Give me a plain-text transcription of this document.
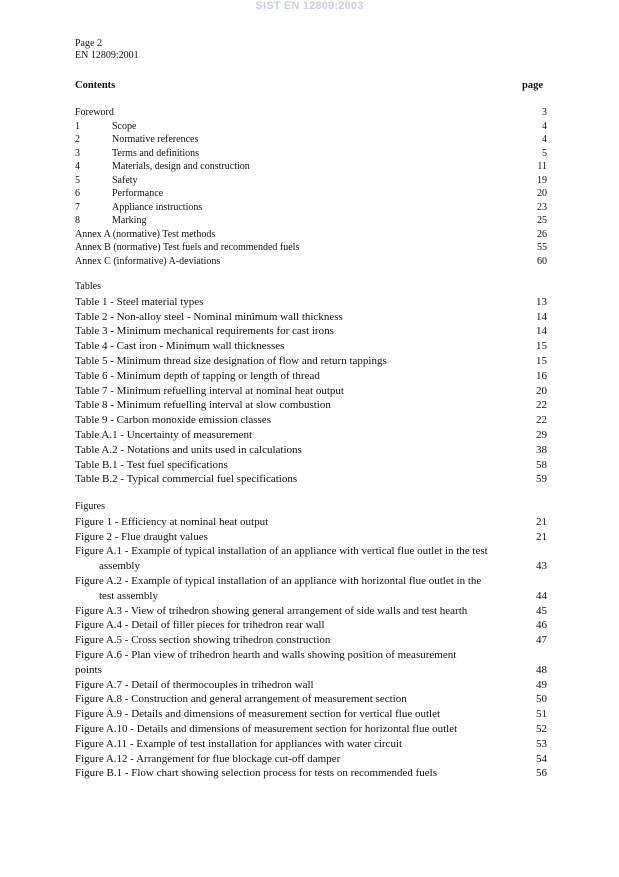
SIST EN 12809:2003
Page 2
EN 12809:2001
Contents	page
Foreword	3
1	Scope	4
2	Normative references	4
3	Terms and definitions	5
4	Materials, design and construction	11
5	Safety	19
6	Performance	20
7	Appliance instructions	23
8	Marking	25
Annex A (normative) Test methods	26
Annex B (normative) Test fuels and recommended fuels	55
Annex C (informative) A-deviations	60
Tables
Table 1 - Steel material types	13
Table 2 - Non-alloy steel - Nominal minimum wall thickness	14
Table 3 - Minimum mechanical requirements for cast irons	14
Table 4 - Cast iron - Minimum wall thicknesses	15
Table 5 - Minimum thread size designation of flow and return tappings	15
Table 6 - Minimum depth of tapping or length of thread	16
Table 7 - Minimum refuelling interval at nominal heat output	20
Table 8 - Minimum refuelling interval at slow combustion	22
Table 9 - Carbon monoxide emission classes	22
Table A.1 - Uncertainty of measurement	29
Table A.2 - Notations and units used in calculations	38
Table B.1 - Test fuel specifications	58
Table B.2 - Typical commercial fuel specifications	59
Figures
Figure 1 - Efficiency at nominal heat output	21
Figure 2 - Flue draught values	21
Figure A.1 - Example of typical installation of an appliance with vertical flue outlet in the test
assembly	43
Figure A.2 - Example of typical installation of an appliance with horizontal flue outlet in the
test assembly	44
Figure A.3 - View of trihedron showing general arrangement of side walls and test hearth	45
Figure A.4 - Detail of filler pieces for trihedron rear wall	46
Figure A.5 - Cross section showing trihedron construction	47
Figure A.6 - Plan view of trihedron hearth and walls showing position of measurement
points	48
Figure A.7 - Detail of thermocouples in trihedron wall	49
Figure A.8 - Construction and general arrangement of measurement section	50
Figure A.9 - Details and dimensions of measurement section for vertical flue outlet	51
Figure A.10 - Details and dimensions of measurement section for horizontal flue outlet	52
Figure A.11 - Example of test installation for appliances with water circuit	53
Figure A.12 - Arrangement for flue blockage cut-off damper	54
Figure B.1 - Flow chart showing selection process for tests on recommended fuels	56
